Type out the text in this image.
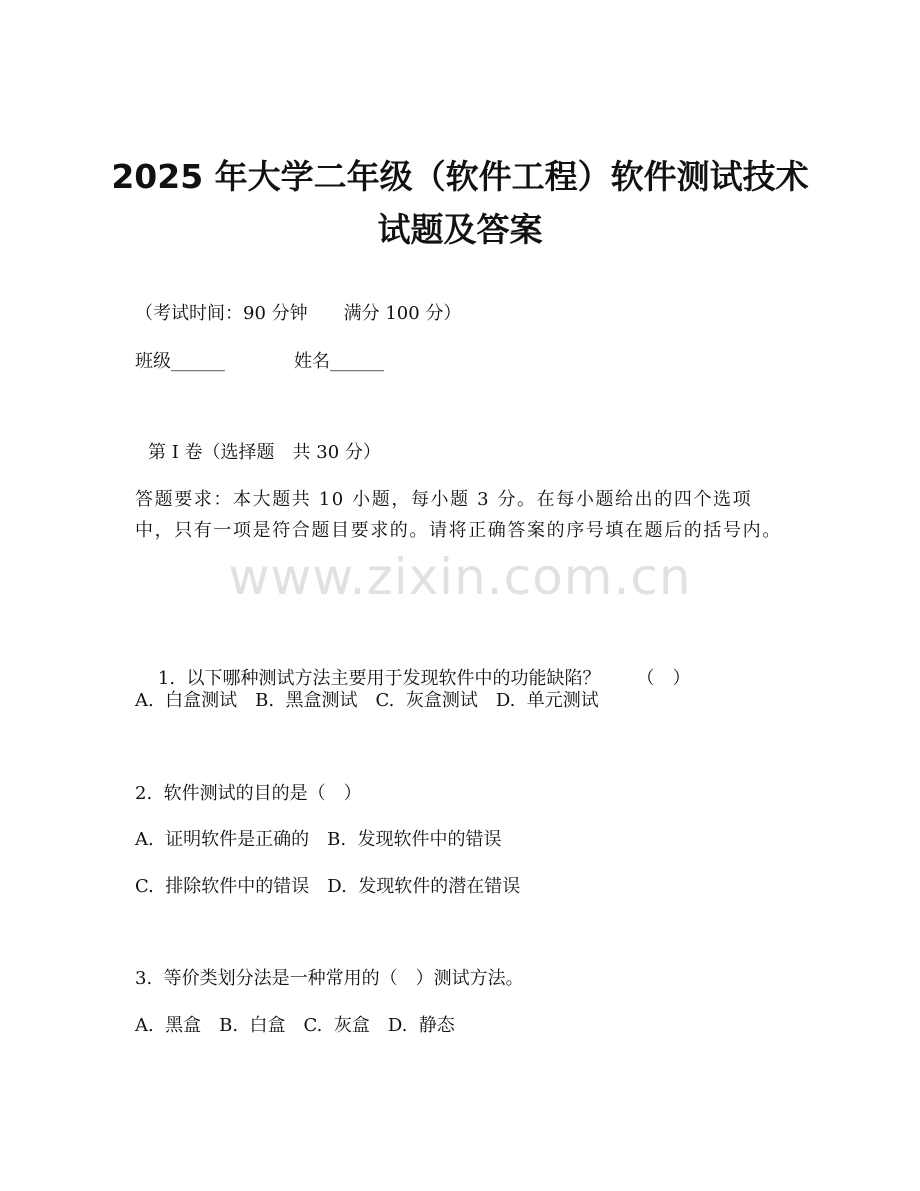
2025 年大学二年级（软件工程）软件测试技术试题及答案
（考试时间：90 分钟　　满分 100 分）
班级______	姓名______
第 I 卷（选择题　共 30 分）
答题要求：本大题共 10 小题，每小题 3 分。在每小题给出的四个选项中，只有一项是符合题目要求的。请将正确答案的序号填在题后的括号内。
www.zixin.com.cn

1.  以下哪种测试方法主要用于发现软件中的功能缺陷？ （　）

A.  白盒测试　B.  黑盒测试　C.  灰盒测试　D.  单元测试
2.  软件测试的目的是（　）
A.  证明软件是正确的　B.  发现软件中的错误
C.  排除软件中的错误　D.  发现软件的潜在错误
3.  等价类划分法是一种常用的（　）测试方法。
A.  黑盒　B.  白盒　C.  灰盒　D.  静态
